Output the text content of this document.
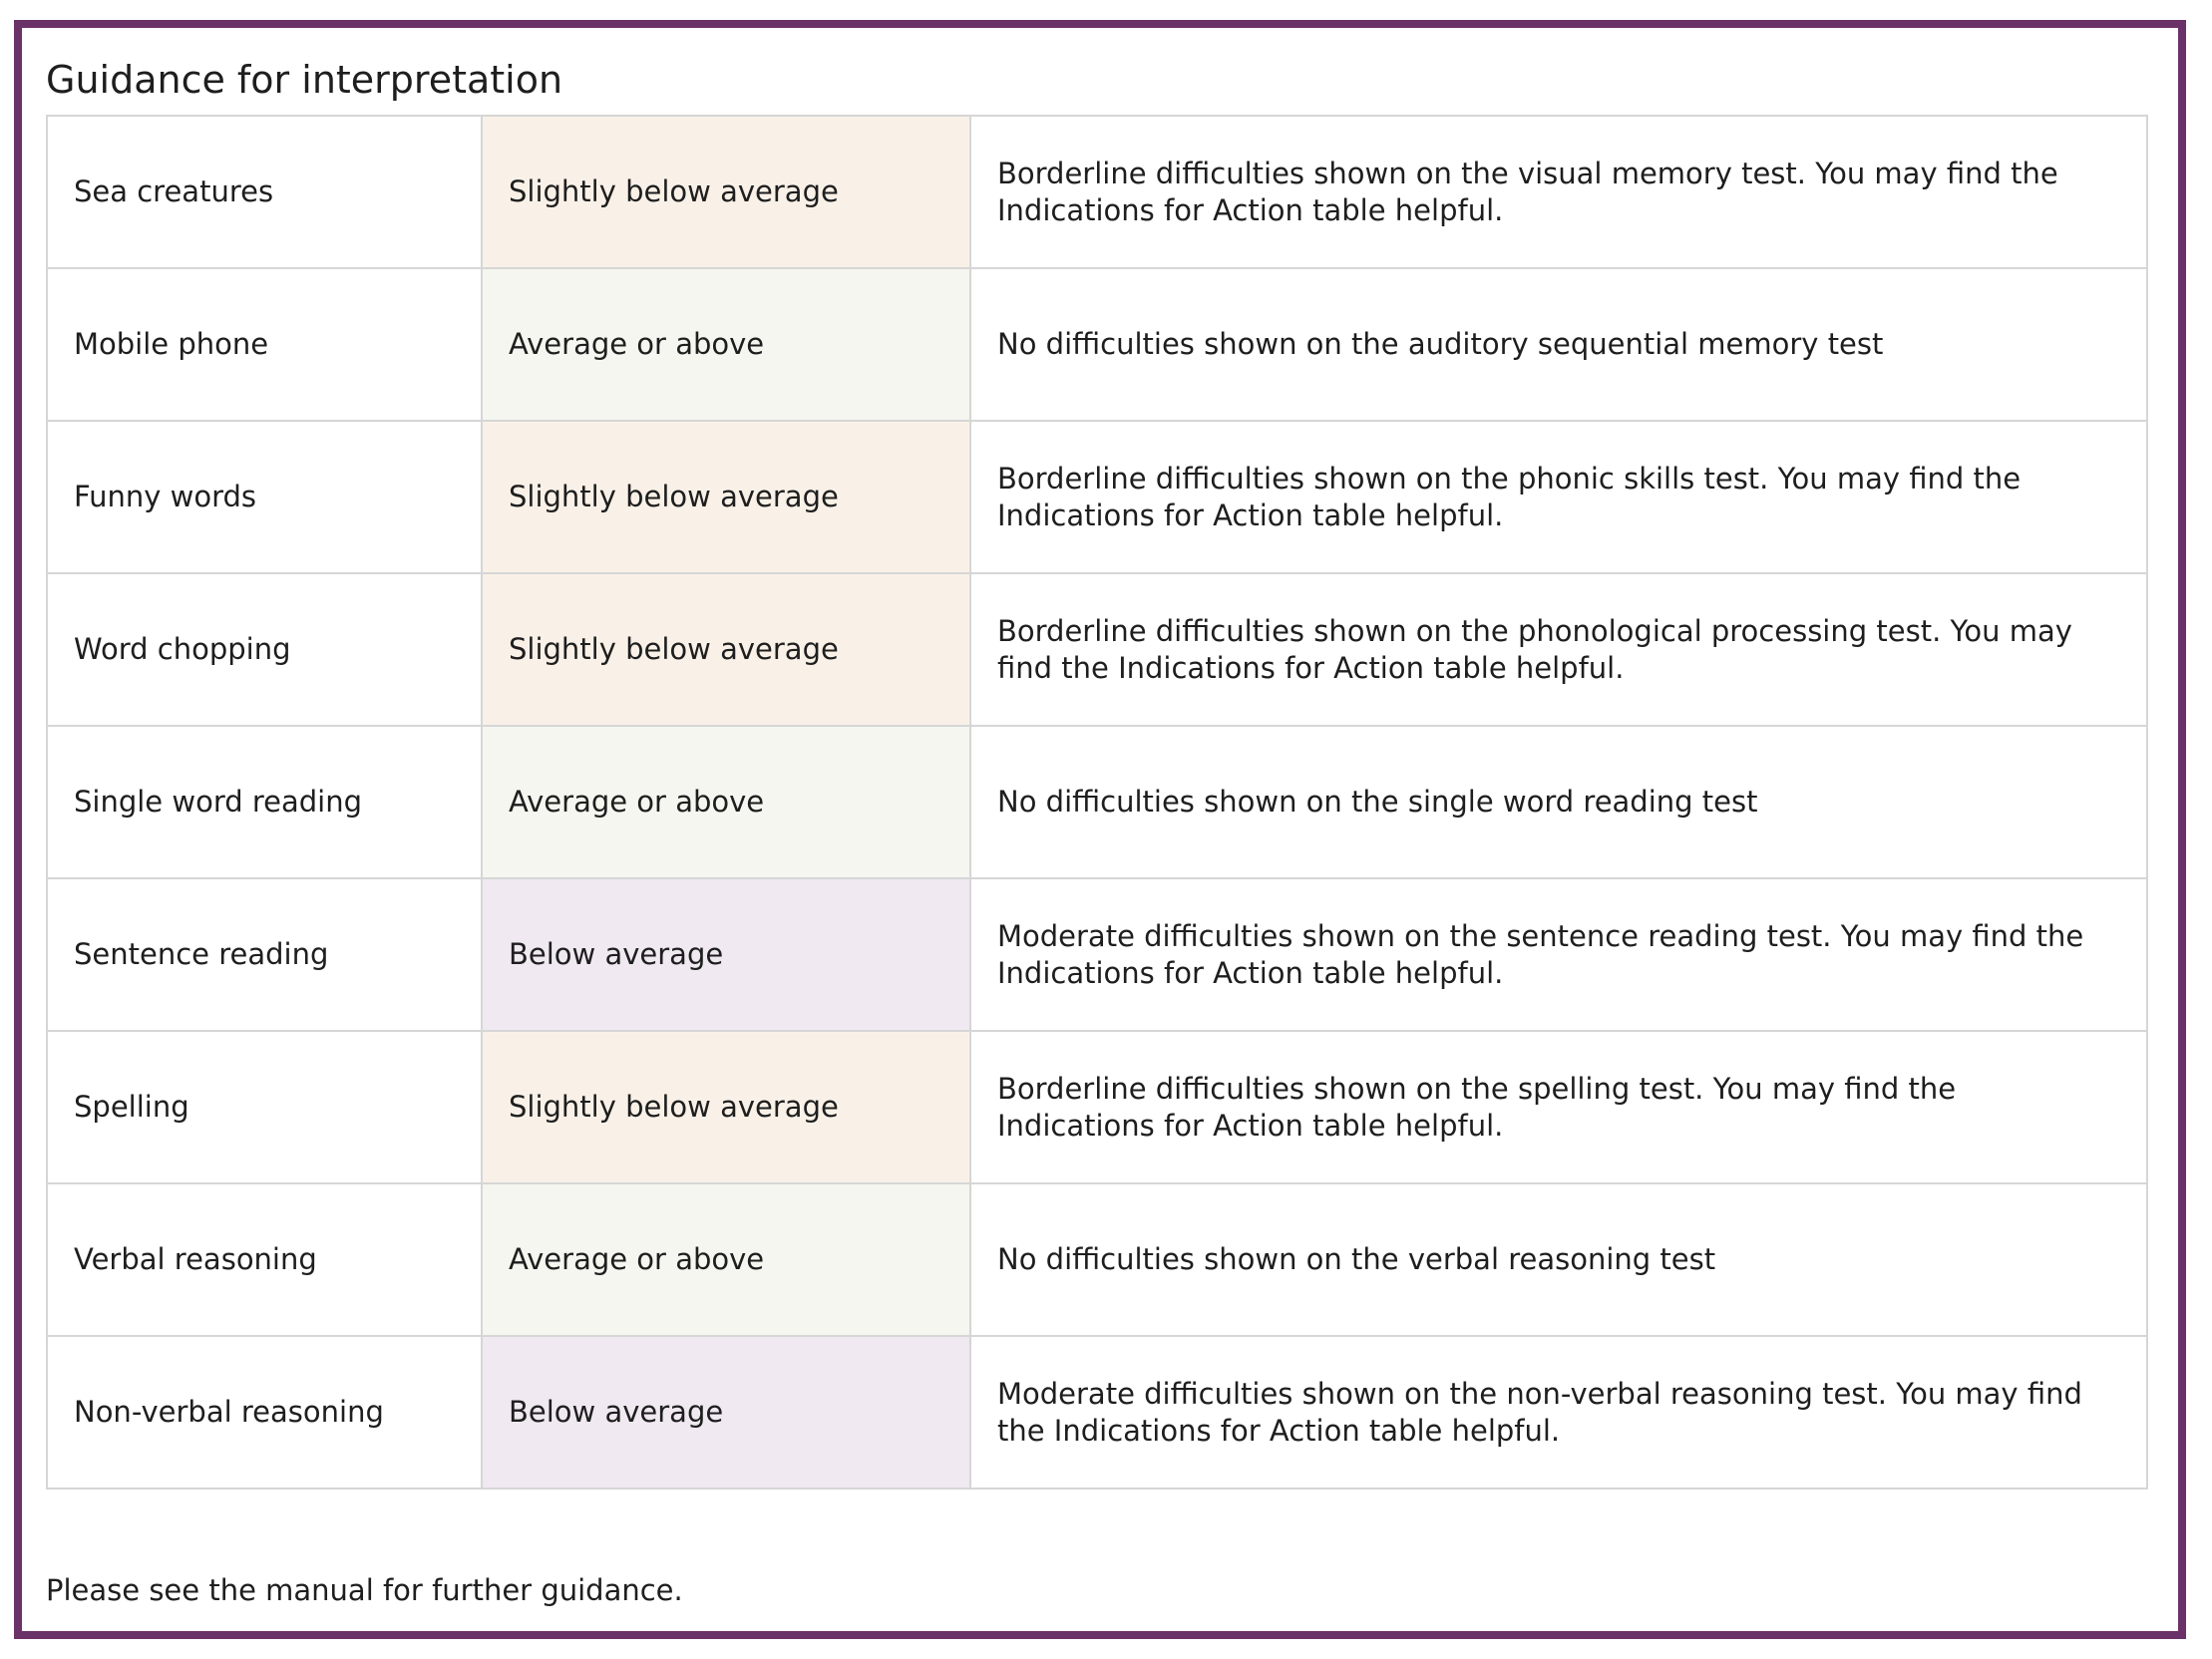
Guidance for interpretation
Sea creatures	Slightly below average	Borderline difficulties shown on the visual memory test. You may find the Indications for Action table helpful.
Mobile phone	Average or above	No difficulties shown on the auditory sequential memory test
Funny words	Slightly below average	Borderline difficulties shown on the phonic skills test. You may find the Indications for Action table helpful.
Word chopping	Slightly below average	Borderline difficulties shown on the phonological processing test. You may find the Indications for Action table helpful.
Single word reading	Average or above	No difficulties shown on the single word reading test
Sentence reading	Below average	Moderate difficulties shown on the sentence reading test. You may find the Indications for Action table helpful.
Spelling	Slightly below average	Borderline difficulties shown on the spelling test. You may find the Indications for Action table helpful.
Verbal reasoning	Average or above	No difficulties shown on the verbal reasoning test
Non-verbal reasoning	Below average	Moderate difficulties shown on the non-verbal reasoning test. You may find the Indications for Action table helpful.

Please see the manual for further guidance.
